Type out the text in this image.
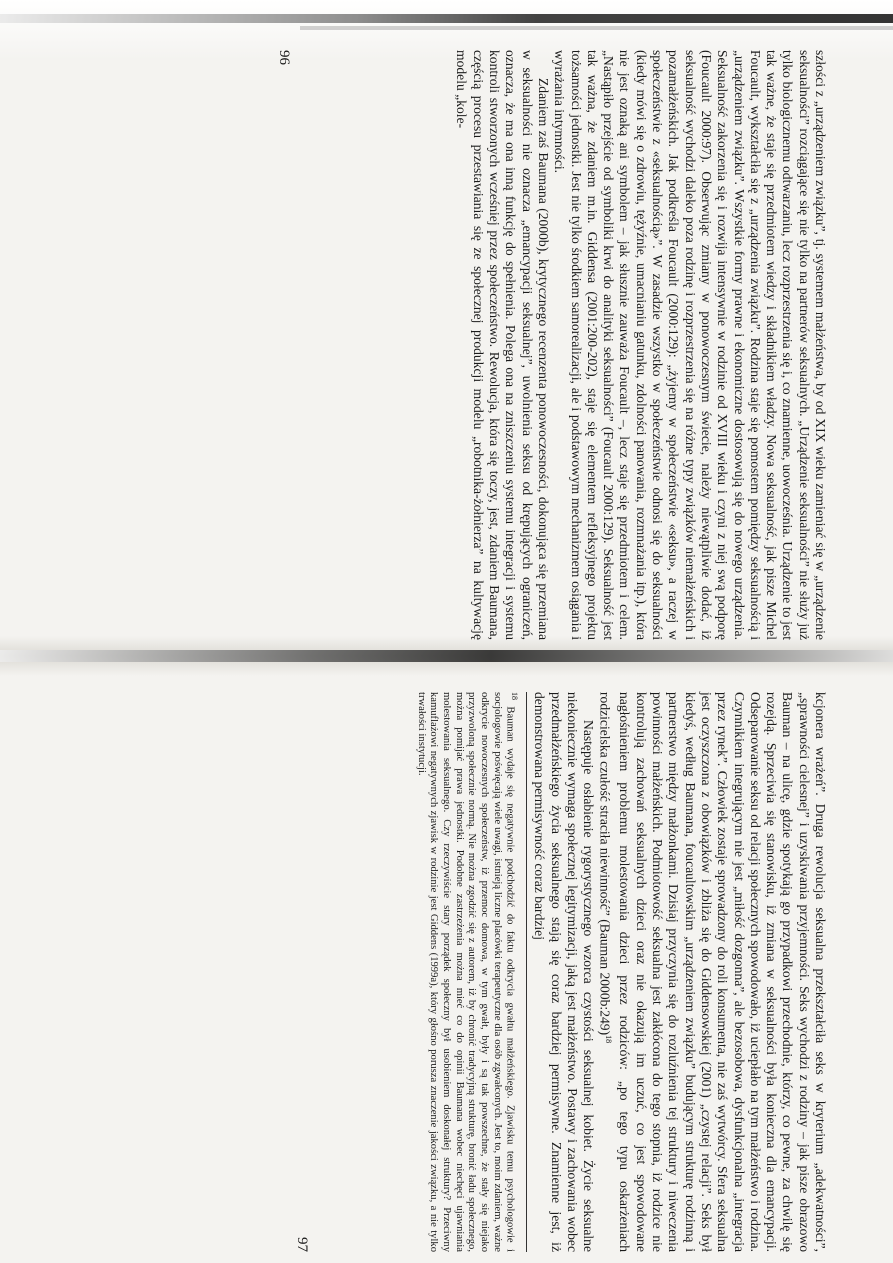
szłości z „urządzeniem związku”, tj. systemem małżeństwa, by od XIX wieku zamieniać się w „urządzenie seksualności” rozciągające się nie tylko na partnerów seksualnych. „Urządzenie seksualności” nie służy już tylko biologicznemu odtwarzaniu, lecz rozprzestrzenia się i, co znamienne, uowocześnia. Urządzenie to jest tak ważne, że staje się przedmiotem wiedzy i składnikiem władzy. Nowa seksualność, jak pisze Michel Foucault, wykształciła się z „urządzenia związku”. Rodzina staje się pomostem pomiędzy seksualnością i „urządzeniem związku”. Wszystkie formy prawne i ekonomiczne dostosowują się do nowego urządzenia. Seksualność zakorzenia się i rozwija intensywnie w rodzinie od XVIII wieku i czyni z niej swą podporę (Foucault 2000:97). Obserwując zmiany w ponowoczesnym świecie, należy niewątpliwie dodać, iż seksualność wychodzi daleko poza rodzinę i rozprzestrzenia się na różne typy związków niemałżeńskich i pozamałżeńskich. Jak podkreśla Foucault (2000:129): „żyjemy w społeczeństwie «seksu», a raczej w społeczeństwie z «seksualnością»”. W zasadzie wszystko w społeczeństwie odnosi się do seksualności (kiedy mówi się o zdrowiu, tężyźnie, umacnianiu gatunku, zdolności panowania, rozmnażania itp.), która nie jest oznaką ani symbolem – jak słusznie zauważa Foucault –, lecz staje się przedmiotem i celem. „Nastąpiło przejście od symboliki krwi do analityki seksualności” (Foucault 2000:129). Seksualność jest tak ważna, że zdaniem m.in. Giddensa (2001:200-202), staje się elementem refleksyjnego projektu tożsamości jednostki. Jest nie tylko środkiem samorealizacji, ale i podstawowym mechanizmem osiągania i wyrażania intymności.

Zdaniem zaś Baumana (2000b), krytycznego recenzenta ponowoczesności, dokonująca się przemiana w seksualności nie oznacza „emancypacji seksualnej”, uwolnienia seksu od krępujących ograniczeń, oznacza, że ma ona inną funkcję do spełnienia. Polega ona na zniszczeniu systemu integracji i systemu kontroli stworzonych wcześniej przez społeczeństwo. Rewolucja, która się toczy, jest, zdaniem Baumana, częścią procesu przestawiania się ze społecznej produkcji modelu „robotnika-żołnierza” na kultywację modelu „kole-

96

kcjonera wrażeń”. Druga rewolucja seksualna przekształciła seks w kryterium „adekwatności”, „sprawności cielesnej” i uzyskiwania przyjemności. Seks wychodzi z rodziny – jak pisze obrazowo Bauman – na ulicę, gdzie spotykają go przypadkowi przechodnie, którzy, co pewne, za chwilę się rozejdą. Sprzeciwia się stanowisku, iż zmiana w seksualności była konieczna dla emancypacji. Odseparowanie seksu od relacji społecznych spowodowało, iż uciepłało na tym małżeństwo i rodzina. Czynnikiem integrującym nie jest „miłość dozgonna”, ale bezosobowa, dysfunkcjonalna „integracja przez rynek”. Człowiek zostaje sprowadzony do roli konsumenta, nie zaś wytwórcy. Sfera seksualna jest oczyszczona z obowiązków i zbliża się do Giddensowskiej (2001) „czystej relacji”. Seks był kiedyś, według Baumana, foucaultowskim „urządzeniem związku” budującym strukturę rodzinną i partnerstwo między małżonkami. Dzisiaj przyczynia się do rozluźnienia tej struktury i niweczenia powinności małżeńskich. Podmiotowość seksualna jest zakłócona do tego stopnia, iż rodzice nie kontrolują zachowań seksualnych dzieci oraz nie okazują im uczuć, co jest spowodowane nagłośnieniem problemu molestowania dzieci przez rodziców: „po tego typu oskarżeniach rodzicielska czułość straciła niewinność” (Bauman 2000b:249)$^{18}$

Następuje osłabienie rygorystycznego wzorca czystości seksualnej kobiet. Życie seksualne niekoniecznie wymaga społecznej legitymizacji, jaką jest małżeństwo. Postawy i zachowania wobec przedmałżeńskiego życia seksualnego stają się coraz bardziej permisywne. Znamienne jest, iż demonstrowana permisywność coraz bardziej

$^{18}$ Bauman wydaje się negatywnie podchodzić do faktu odkrycia gwałtu małżeńskiego. Zjawisku temu psychologowie i socjologowie poświęcają wiele uwagi, istnieją liczne placówki terapeutyczne dla osób zgwałconych. Jest to, moim zdaniem, ważne odkrycie nowoczesnych społeczeństw, iż przemoc domowa, w tym gwałt, były i są tak powszechne, że stały się niejako przyzwoloną społecznie normą. Nie można zgodzić się z autorem, iż by chronić tradycyjną strukturę, bronić ładu społecznego, można pomijać prawa jednostki. Podobne zastrzeżenia można mieć co do opinii Baumana wobec niechęci ujawniania molestowania seksualnego. Czy rzeczywiście stary porządek społeczny był usobieniem doskonałej struktury? Przeciwny kamuflażowi negatywnych zjawisk w rodzinie jest Giddens (1999a), który głośno porusza znaczenie jakości związku, a nie tylko trwałości instytucji.
97
